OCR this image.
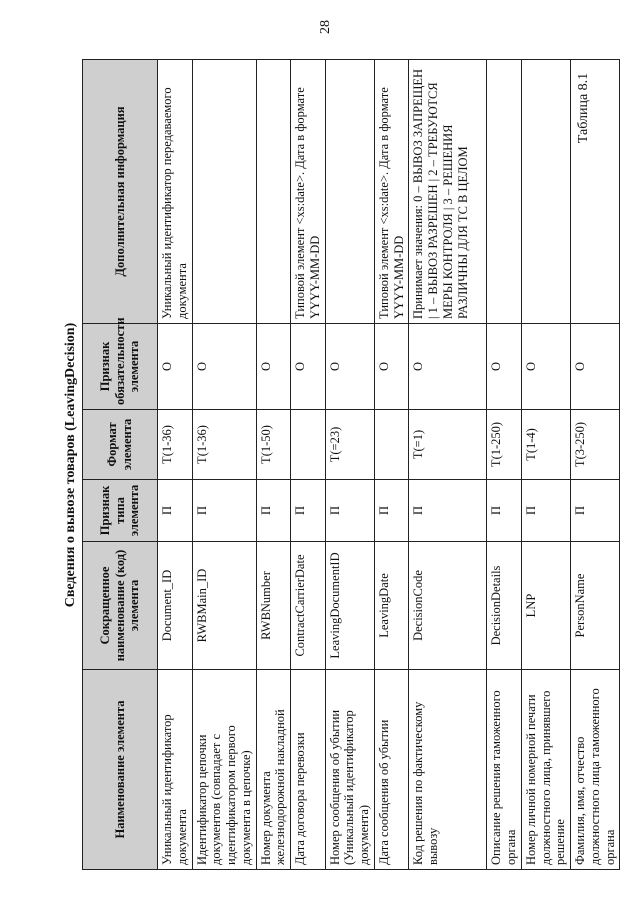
28
Таблица 8.1
Сведения о вывозе товаров (LeavingDecision)
Наименование элемента	Сокращенное наименование (код) элемента	Признак типа элемента	Формат элемента	Признак обязательности элемента	Дополнительная информация
Уникальный идентификатор документа	Document_ID	П	T(1-36)	О	Уникальный идентификатор передаваемого документа
Идентификатор цепочки документов (совпадает с идентификатором первого документа в цепочке)	RWBMain_ID	П	T(1-36)	О	
Номер документа железнодорожной накладной	RWBNumber	П	T(1-50)	О	
Дата договора перевозки	ContractCarrierDate	П		О	Типовой элемент <xs:date>. Дата в формате YYYY-MM-DD
Номер сообщения об убытии (Уникальный идентификатор документа)	LeavingDocumentID	П	T(=23)	О	
Дата сообщения об убытии	LeavingDate	П		О	Типовой элемент <xs:date>. Дата в формате YYYY-MM-DD
Код решения по фактическому вывозу	DecisionCode	П	T(=1)	О	Принимает значения: 0 – ВЫВОЗ ЗАПРЕЩЕН | 1 – ВЫВОЗ РАЗРЕШЕН | 2 – ТРЕБУЮТСЯ МЕРЫ КОНТРОЛЯ | 3 – РЕШЕНИЯ РАЗЛИЧНЫ ДЛЯ ТС В ЦЕЛОМ
Описание решения таможенного органа	DecisionDetails	П	T(1-250)	О	
Номер личной номерной печати должностного лица, принявшего решение	LNP	П	T(1-4)	О	
Фамилия, имя, отчество должностного лица таможенного органа	PersonName	П	T(3-250)	О	
